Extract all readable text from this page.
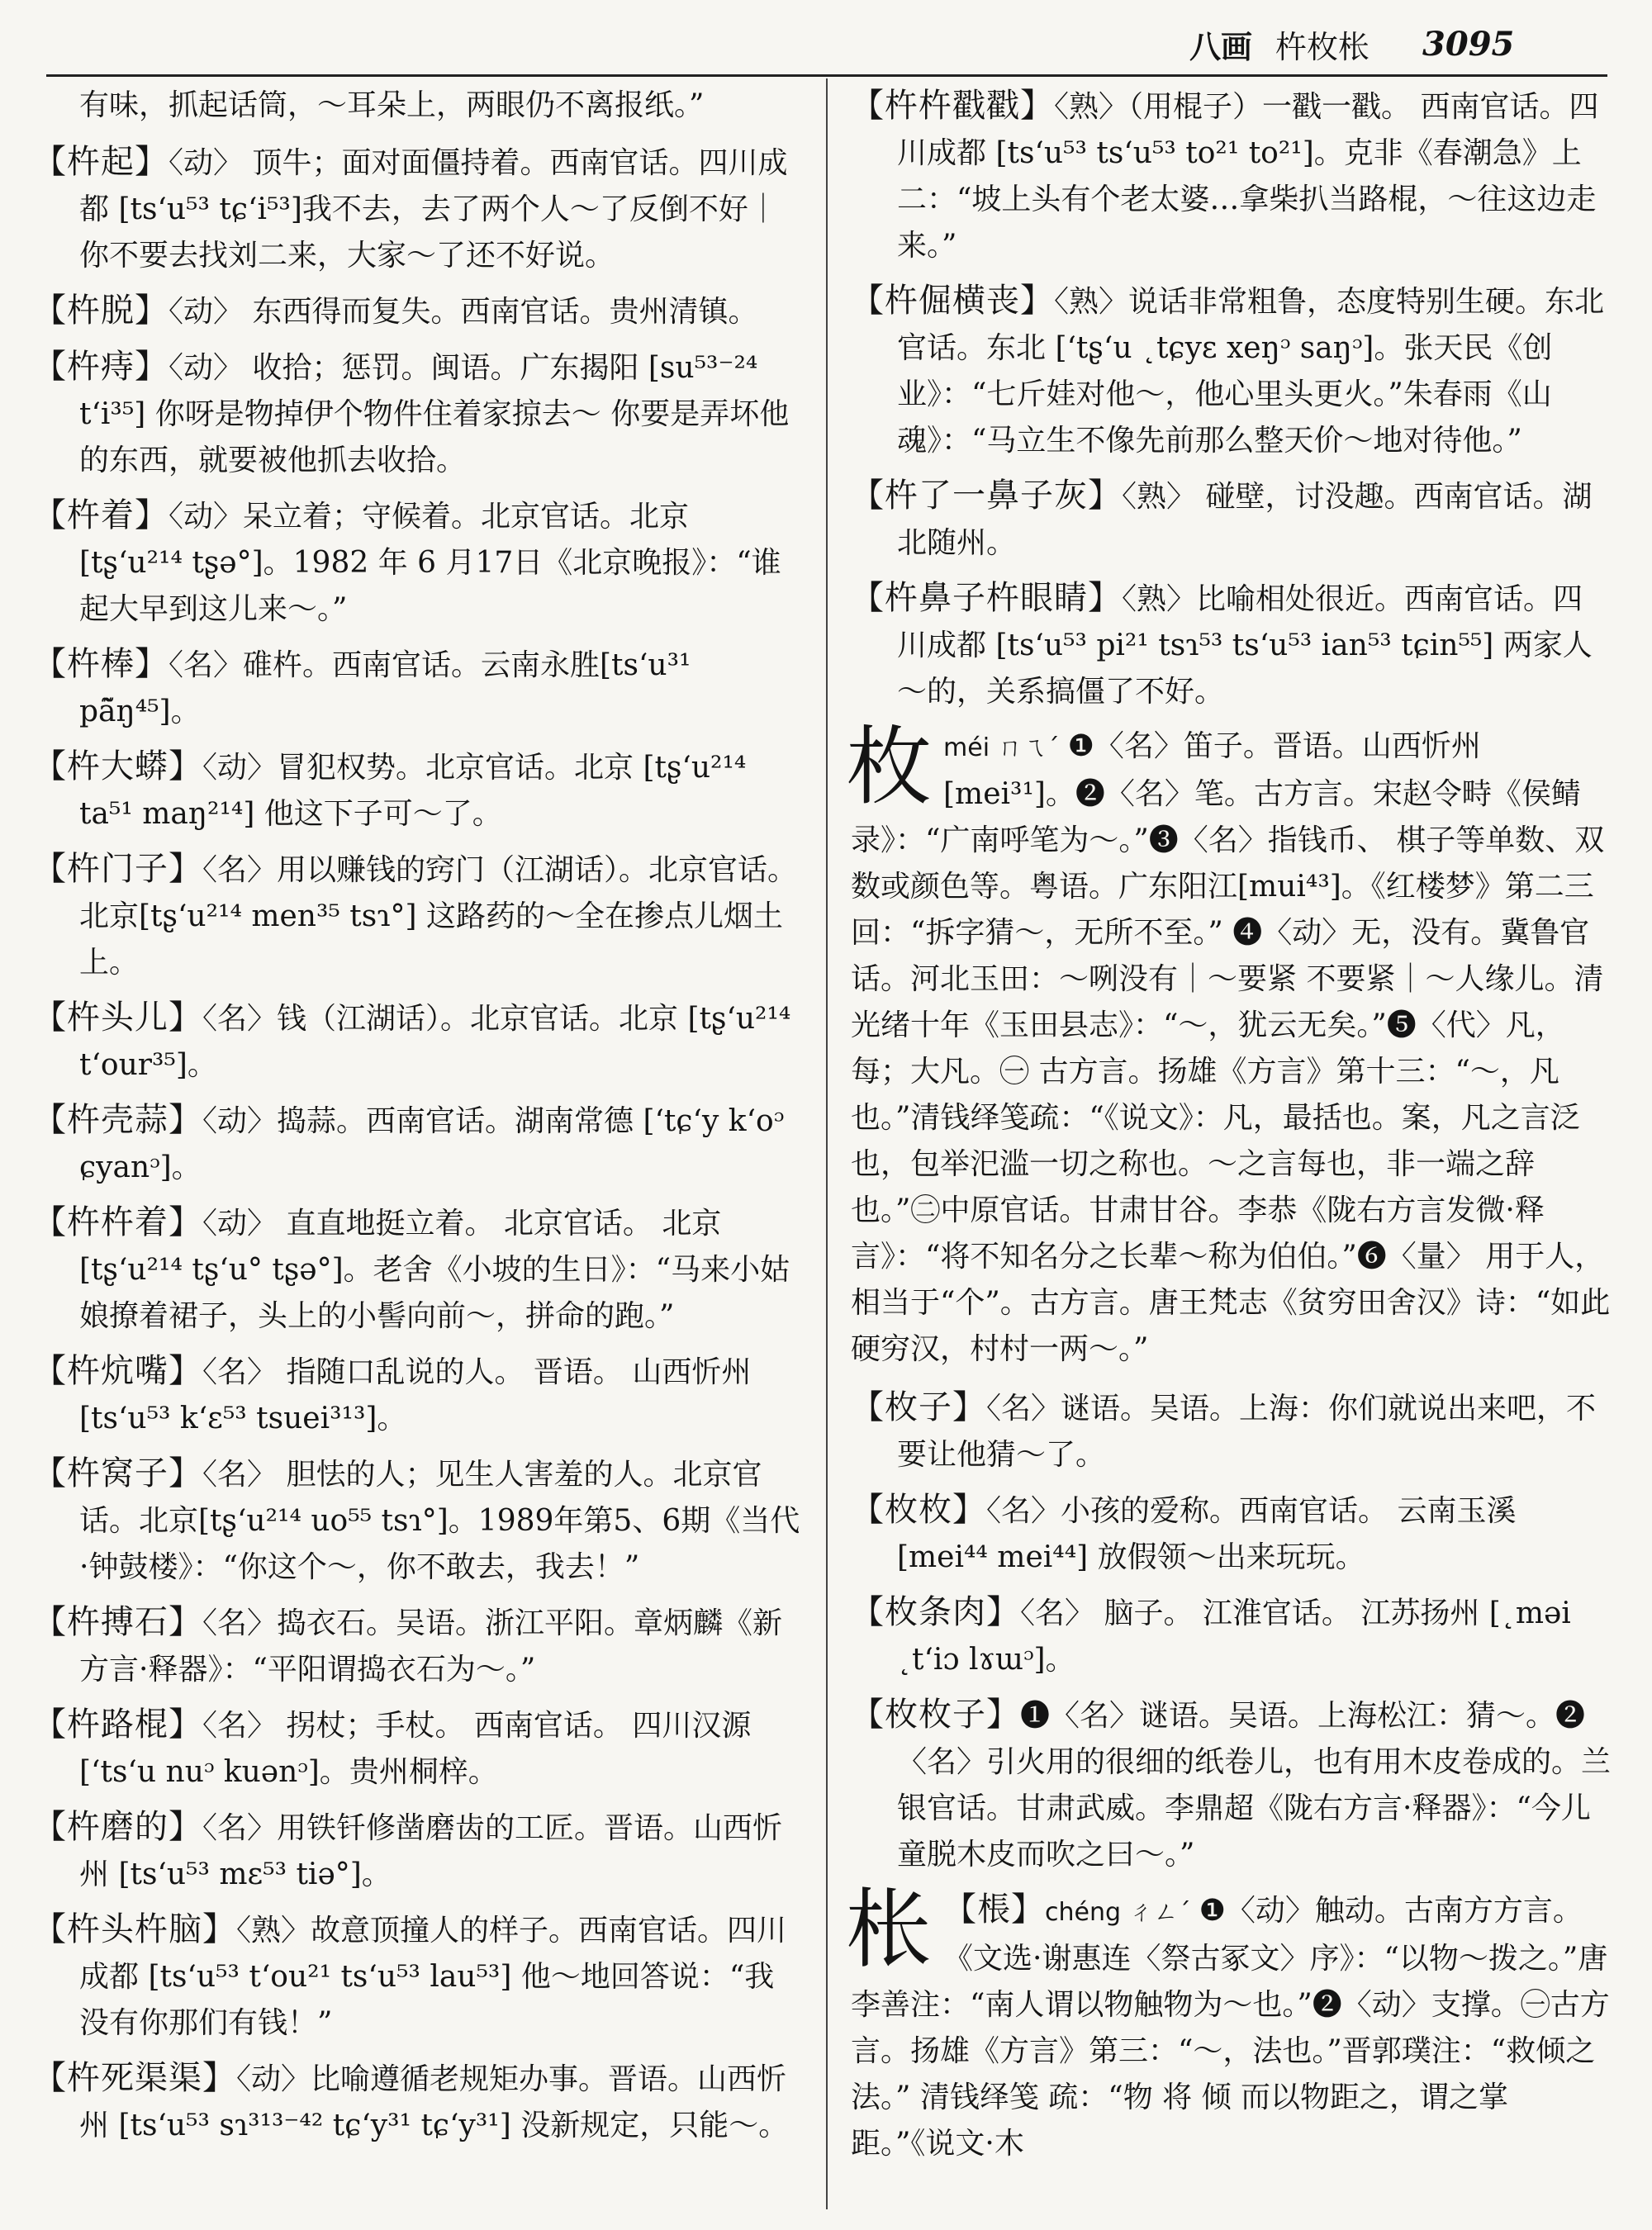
八画 杵枚枨 3095
有味，抓起话筒，～耳朵上，两眼仍不离报纸。”
【杵起】〈动〉 顶牛；面对面僵持着。西南官话。四川成都 [tsʻu⁵³ tɕʻi⁵³]我不去，去了两个人～了反倒不好｜你不要去找刘二来，大家～了还不好说。
【杵脱】〈动〉 东西得而复失。西南官话。贵州清镇。
【杵痔】〈动〉 收拾；惩罚。闽语。广东揭阳 [su⁵³⁻²⁴ tʻi³⁵] 你呀是物掉伊个物件住着家掠去～ 你要是弄坏他的东西，就要被他抓去收拾。
【杵着】〈动〉呆立着；守候着。北京官话。北京 [tʂʻu²¹⁴ tʂə°]。1982 年 6 月17日《北京晚报》：“谁起大早到这儿来～。”
【杵棒】〈名〉碓杵。西南官话。云南永胜[tsʻu³¹ pã̃ŋ⁴⁵]。
【杵大蟒】〈动〉冒犯权势。北京官话。北京 [tʂʻu²¹⁴ ta⁵¹ maŋ²¹⁴] 他这下子可～了。
【杵门子】〈名〉用以赚钱的窍门（江湖话）。北京官话。北京[tʂʻu²¹⁴ men³⁵ tsɿ°] 这路药的～全在掺点儿烟土上。
【杵头儿】〈名〉钱（江湖话）。北京官话。北京 [tʂʻu²¹⁴ tʻour³⁵]。
【杵壳蒜】〈动〉捣蒜。西南官话。湖南常德 [ʻtɕʻy kʻoᵓ ɕyanᵓ]。
【杵杵着】〈动〉 直直地挺立着。 北京官话。 北京 [tʂʻu²¹⁴ tʂʻu° tʂə°]。老舍《小坡的生日》：“马来小姑娘撩着裙子，头上的小髻向前～，拼命的跑。”
【杵炕嘴】〈名〉 指随口乱说的人。 晋语。 山西忻州 [tsʻu⁵³ kʻɛ⁵³ tsuei³¹³]。
【杵窝子】〈名〉 胆怯的人；见生人害羞的人。北京官话。北京[tʂʻu²¹⁴ uo⁵⁵ tsɿ°]。1989年第5、6期《当代·钟鼓楼》：“你这个～，你不敢去，我去！”
【杵搏石】〈名〉捣衣石。吴语。浙江平阳。章炳麟《新方言·释器》：“平阳谓捣衣石为～。”
【杵路棍】〈名〉 拐杖；手杖。 西南官话。 四川汉源 [ʻtsʻu nuᵓ kuənᵓ]。贵州桐梓。
【杵磨的】〈名〉用铁钎修凿磨齿的工匠。晋语。山西忻州 [tsʻu⁵³ mɛ⁵³ tiə°]。
【杵头杵脑】〈熟〉故意顶撞人的样子。西南官话。四川成都 [tsʻu⁵³ tʻou²¹ tsʻu⁵³ lau⁵³] 他～地回答说：“我没有你那们有钱！”
【杵死渠渠】〈动〉比喻遵循老规矩办事。晋语。山西忻州 [tsʻu⁵³ sɿ³¹³⁻⁴² tɕʻy³¹ tɕʻy³¹] 没新规定，只能～。
【杵杵戳戳】〈熟〉（用棍子）一戳一戳。 西南官话。四川成都 [tsʻu⁵³ tsʻu⁵³ to²¹ to²¹]。克非《春潮急》上二：“坡上头有个老太婆…拿柴扒当路棍，～往这边走来。”
【杵倔横丧】〈熟〉说话非常粗鲁，态度特别生硬。东北官话。东北 [ʻtʂʻu ˛tɕyɛ xeŋᵓ saŋᵓ]。张天民《创业》：“七斤娃对他～，他心里头更火。”朱春雨《山魂》：“马立生不像先前那么整天价～地对待他。”
【杵了一鼻子灰】〈熟〉 碰壁，讨没趣。西南官话。湖北随州。
【杵鼻子杵眼睛】〈熟〉比喻相处很近。西南官话。四川成都 [tsʻu⁵³ pi²¹ tsɿ⁵³ tsʻu⁵³ ian⁵³ tɕin⁵⁵] 两家人～的，关系搞僵了不好。
枚méi ㄇㄟˊ ❶〈名〉笛子。晋语。山西忻州[mei³¹]。❷〈名〉笔。古方言。宋赵令畤《侯鲭录》：“广南呼笔为～。”❸〈名〉指钱币、 棋子等单数、双数或颜色等。粤语。广东阳江[mui⁴³]。《红楼梦》第二三回：“拆字猜～，无所不至。” ❹〈动〉无，没有。冀鲁官话。河北玉田：～咧没有｜～要紧 不要紧｜～人缘儿。清光绪十年《玉田县志》：“～，犹云无矣。”❺〈代〉凡，每；大凡。㊀ 古方言。扬雄《方言》第十三：“～，凡也。”清钱绎笺疏：“《说文》：凡，最括也。案，凡之言泛也，包举汜滥一切之称也。～之言每也，非一端之辞也。”㊁中原官话。甘肃甘谷。李恭《陇右方言发微·释言》：“将不知名分之长辈～称为伯伯。”❻〈量〉 用于人，相当于“个”。古方言。唐王梵志《贫穷田舍汉》诗：“如此硬穷汉，村村一两～。”
【枚子】〈名〉谜语。吴语。上海：你们就说出来吧，不要让他猜～了。
【枚枚】〈名〉小孩的爱称。西南官话。 云南玉溪 [mei⁴⁴ mei⁴⁴] 放假领～出来玩玩。
【枚条肉】〈名〉 脑子。 江淮官话。 江苏扬州 [˛məi ˛tʻiɔ lɤɯᵓ]。
【枚枚子】❶〈名〉谜语。吴语。上海松江：猜～。❷〈名〉引火用的很细的纸卷儿，也有用木皮卷成的。兰银官话。甘肃武威。李鼎超《陇右方言·释器》：“今儿童脱木皮而吹之曰～。”
枨 【棖】chéng ㄔㄥˊ ❶〈动〉触动。古南方方言。《文选·谢惠连〈祭古冢文〉序》：“以物～拨之。”唐李善注：“南人谓以物触物为～也。”❷〈动〉支撑。㊀古方言。扬雄《方言》第三：“～，法也。”晋郭璞注：“救倾之法。” 清钱绎笺 疏：“物 将 倾 而以物距之，谓之掌距。”《说文·木
